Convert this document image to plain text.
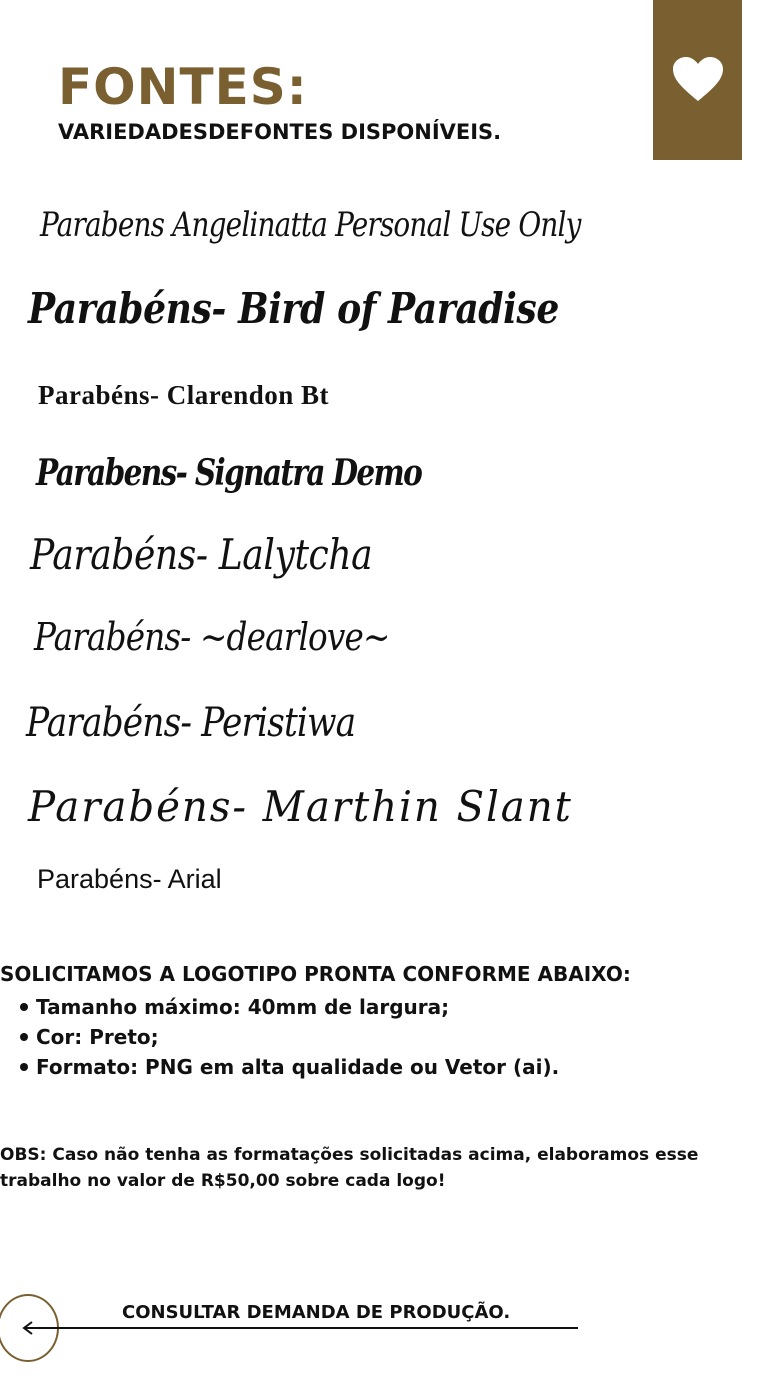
FONTES:
VARIEDADESDEFONTES DISPONÍVEIS.
Parabens Angelinatta Personal Use Only
Parabéns- Bird of Paradise
Parabéns- Clarendon Bt
Parabens- Signatra Demo
Parabéns- Lalytcha
Parabéns- ~dearlove~
Parabéns- Peristiwa
Parabéns- Marthin Slant
Parabéns- Arial
SOLICITAMOS A LOGOTIPO PRONTA CONFORME ABAIXO:
Tamanho máximo: 40mm de largura;
Cor: Preto;
Formato: PNG em alta qualidade ou Vetor (ai).
OBS: Caso não tenha as formatações solicitadas acima, elaboramos esse trabalho no valor de R$50,00 sobre cada logo!
CONSULTAR DEMANDA DE PRODUÇÃO.
